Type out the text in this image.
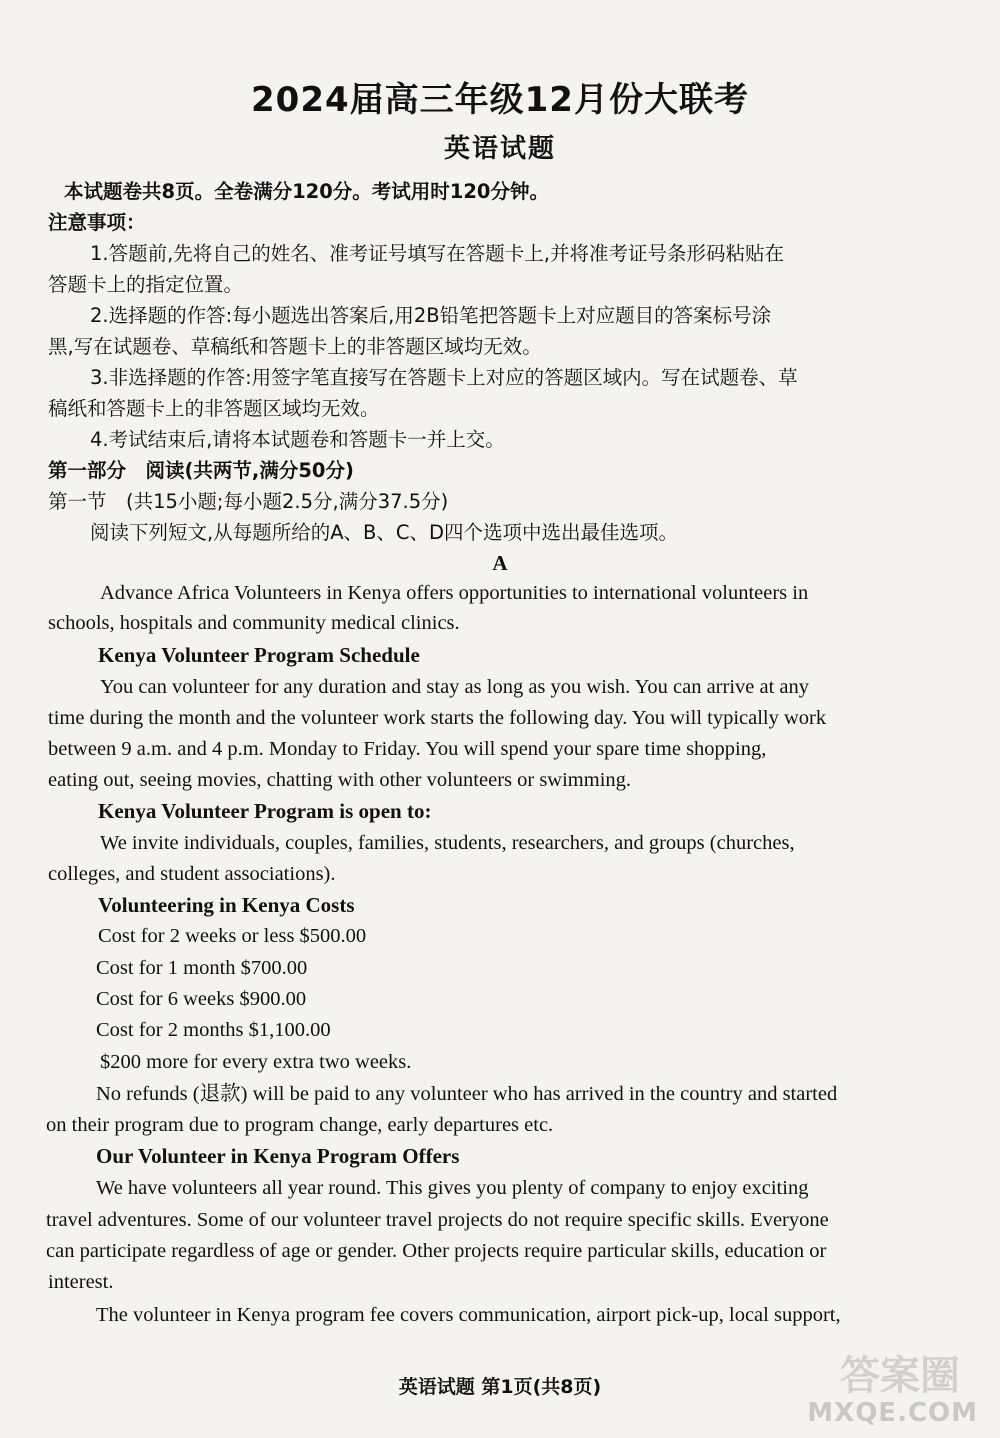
2024届高三年级12月份大联考
英语试题
本试题卷共8页。全卷满分120分。考试用时120分钟。
注意事项：
1.答题前,先将自己的姓名、准考证号填写在答题卡上,并将准考证号条形码粘贴在
答题卡上的指定位置。
2.选择题的作答:每小题选出答案后,用2B铅笔把答题卡上对应题目的答案标号涂
黑,写在试题卷、草稿纸和答题卡上的非答题区域均无效。
3.非选择题的作答:用签字笔直接写在答题卡上对应的答题区域内。写在试题卷、草
稿纸和答题卡上的非答题区域均无效。
4.考试结束后,请将本试题卷和答题卡一并上交。
第一部分　阅读(共两节,满分50分)
第一节　(共15小题;每小题2.5分,满分37.5分)
阅读下列短文,从每题所给的A、B、C、D四个选项中选出最佳选项。
A
Advance Africa Volunteers in Kenya offers opportunities to international volunteers in
schools, hospitals and community medical clinics.
Kenya Volunteer Program Schedule
You can volunteer for any duration and stay as long as you wish. You can arrive at any
time during the month and the volunteer work starts the following day. You will typically work
between 9 a.m. and 4 p.m. Monday to Friday. You will spend your spare time shopping,
eating out, seeing movies, chatting with other volunteers or swimming.
Kenya Volunteer Program is open to:
We invite individuals, couples, families, students, researchers, and groups (churches,
colleges, and student associations).
Volunteering in Kenya Costs
Cost for 2 weeks or less $500.00
Cost for 1 month $700.00
Cost for 6 weeks $900.00
Cost for 2 months $1,100.00
$200 more for every extra two weeks.
No refunds (退款) will be paid to any volunteer who has arrived in the country and started
on their program due to program change, early departures etc.
Our Volunteer in Kenya Program Offers
We have volunteers all year round. This gives you plenty of company to enjoy exciting
travel adventures. Some of our volunteer travel projects do not require specific skills. Everyone
can participate regardless of age or gender. Other projects require particular skills, education or
interest.
The volunteer in Kenya program fee covers communication, airport pick-up, local support,
英语试题 第1页(共8页)	答案圈
MXQE.COM
